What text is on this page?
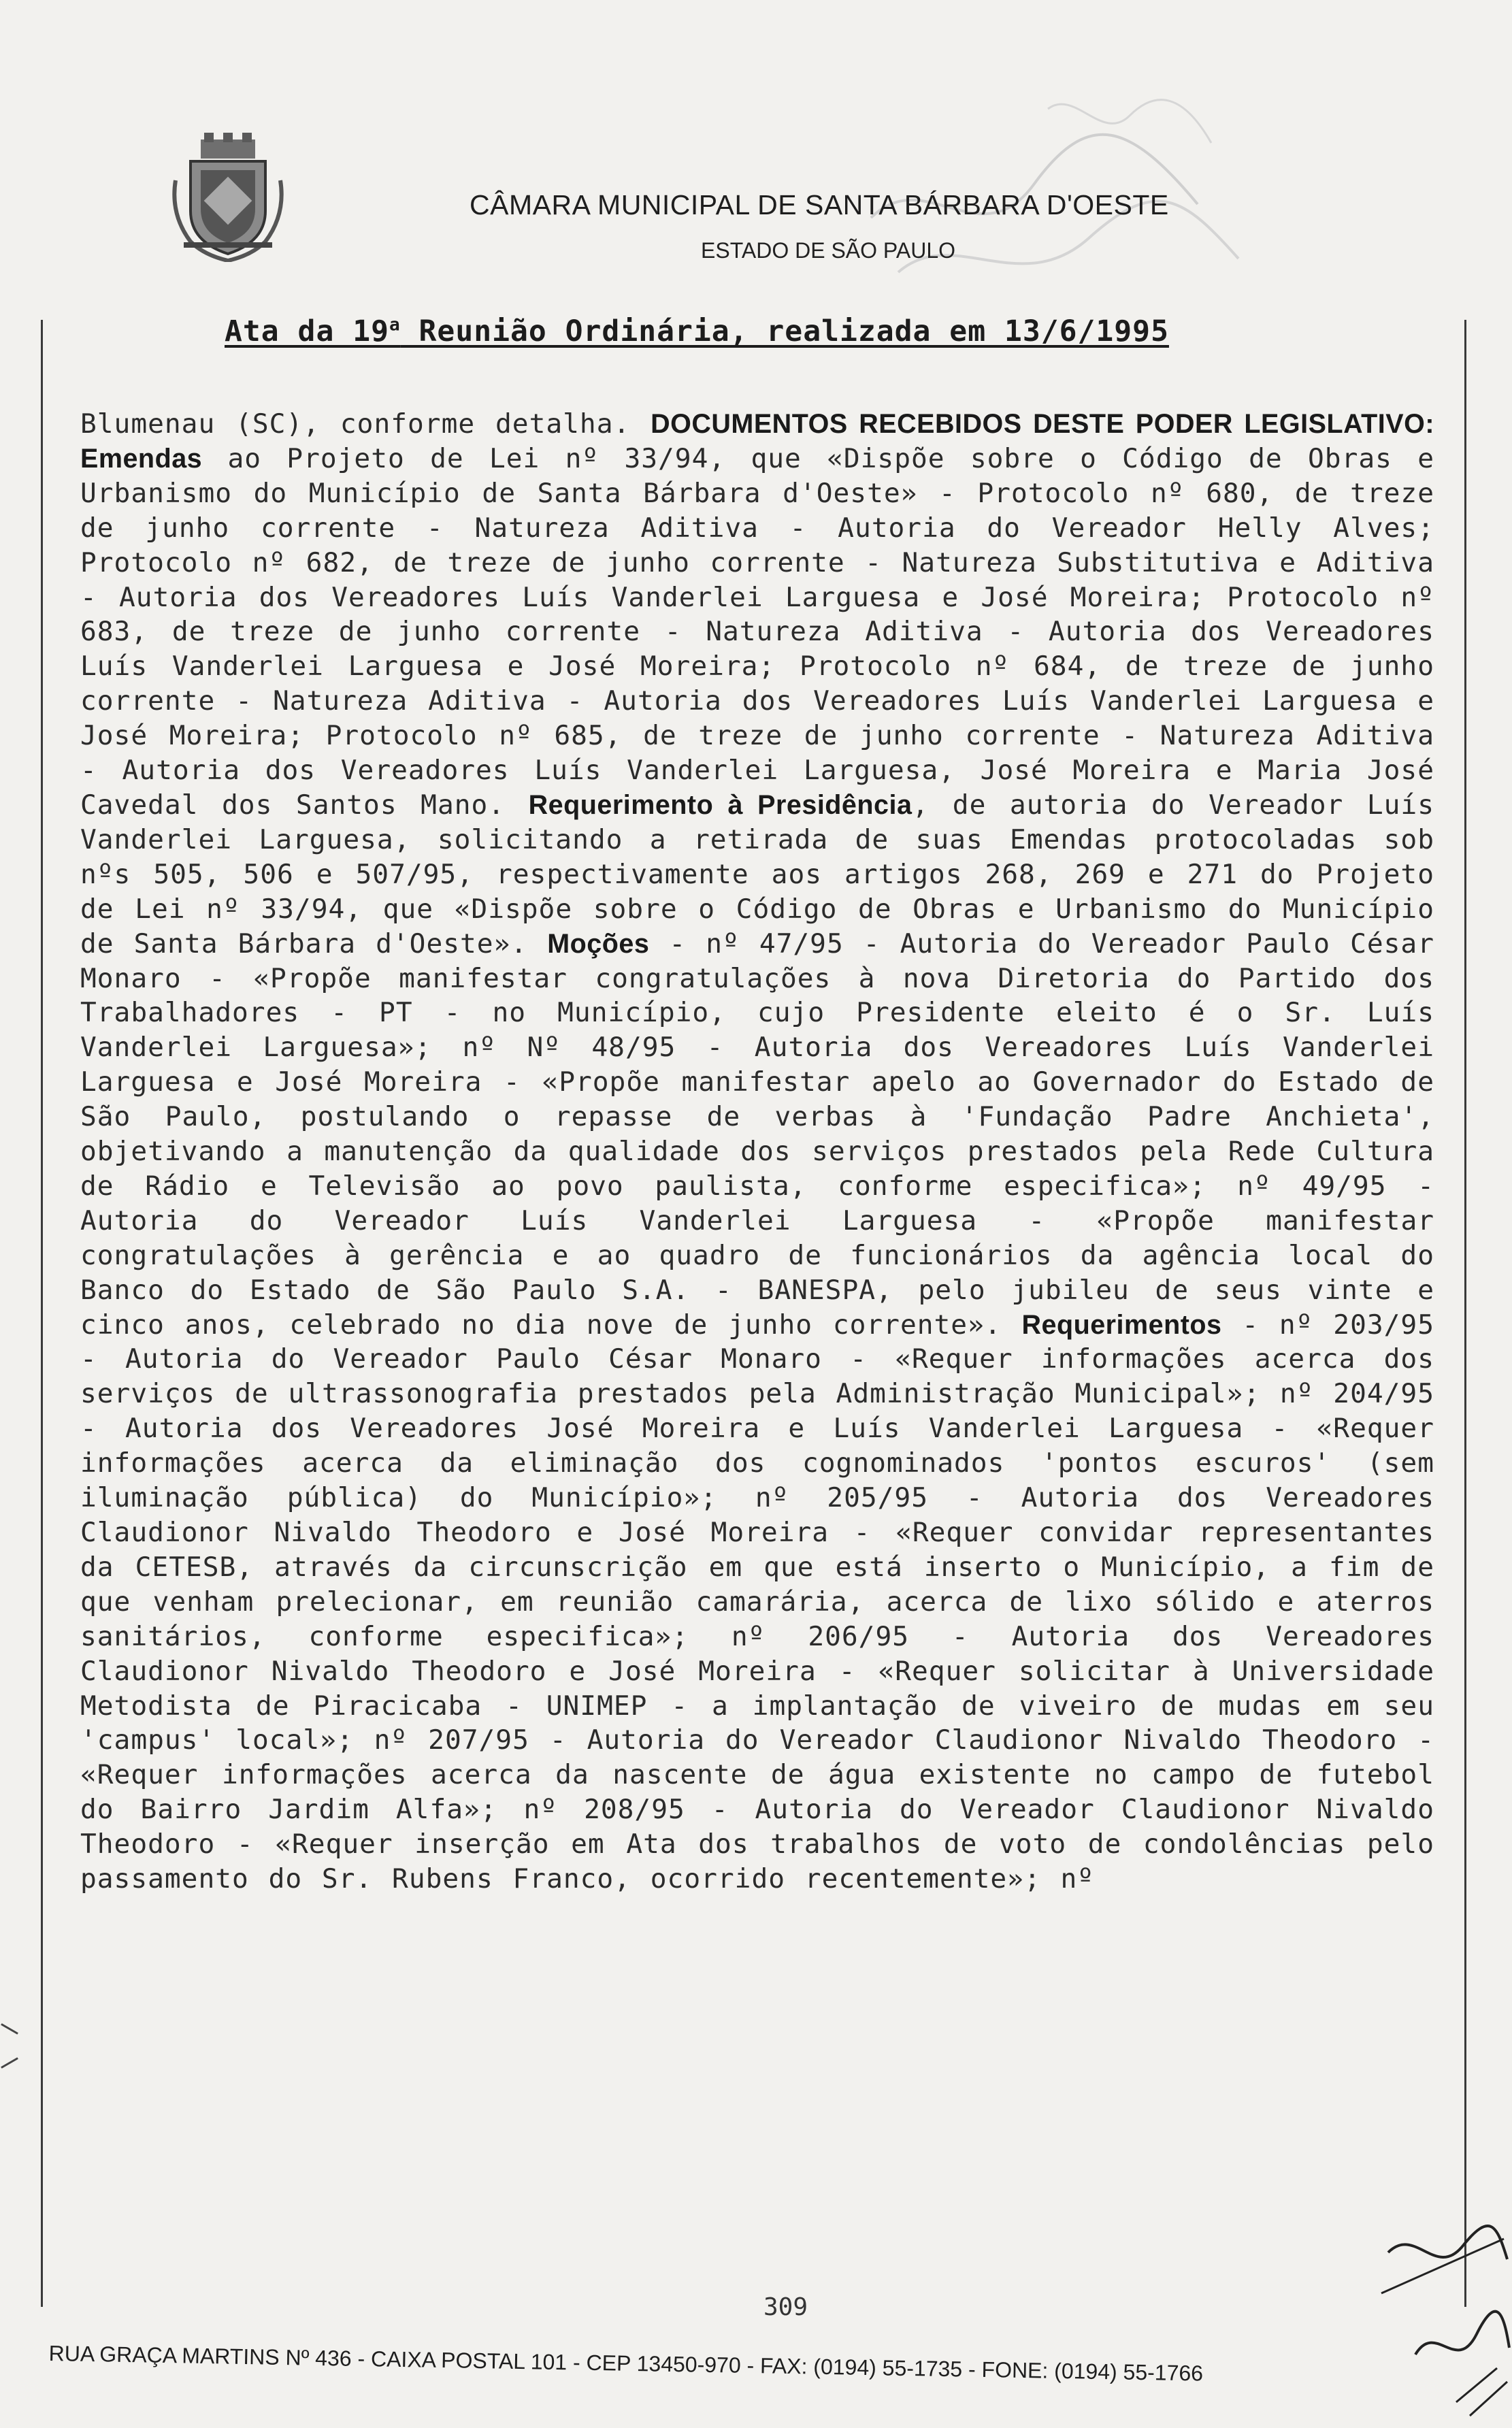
CÂMARA MUNICIPAL DE SANTA BÁRBARA D'OESTE
ESTADO DE SÃO PAULO
Ata da 19$^a$ Reunião Ordinária, realizada em 13/6/1995
Blumenau (SC), conforme detalha. DOCUMENTOS RECEBIDOS DESTE PODER LEGISLATIVO: Emendas ao Projeto de Lei nº 33/94, que «Dispõe sobre o Código de Obras e Urbanismo do Município de Santa Bárbara d'Oeste» - Protocolo nº 680, de treze de junho corrente - Natureza Aditiva - Autoria do Vereador Helly Alves; Protocolo nº 682, de treze de junho corrente - Natureza Substitutiva e Aditiva - Autoria dos Vereadores Luís Vanderlei Larguesa e José Moreira; Protocolo nº 683, de treze de junho corrente - Natureza Aditiva - Autoria dos Vereadores Luís Vanderlei Larguesa e José Moreira; Protocolo nº 684, de treze de junho corrente - Natureza Aditiva - Autoria dos Vereadores Luís Vanderlei Larguesa e José Moreira; Protocolo nº 685, de treze de junho corrente - Natureza Aditiva - Autoria dos Vereadores Luís Vanderlei Larguesa, José Moreira e Maria José Cavedal dos Santos Mano. Requerimento à Presidência, de autoria do Vereador Luís Vanderlei Larguesa, solicitando a retirada de suas Emendas protocoladas sob nºs 505, 506 e 507/95, respectivamente aos artigos 268, 269 e 271 do Projeto de Lei nº 33/94, que «Dispõe sobre o Código de Obras e Urbanismo do Município de Santa Bárbara d'Oeste». Moções - nº 47/95 - Autoria do Vereador Paulo César Monaro - «Propõe manifestar congratulações à nova Diretoria do Partido dos Trabalhadores - PT - no Município, cujo Presidente eleito é o Sr. Luís Vanderlei Larguesa»; nº Nº 48/95 - Autoria dos Vereadores Luís Vanderlei Larguesa e José Moreira - «Propõe manifestar apelo ao Governador do Estado de São Paulo, postulando o repasse de verbas à 'Fundação Padre Anchieta', objetivando a manutenção da qualidade dos serviços prestados pela Rede Cultura de Rádio e Televisão ao povo paulista, conforme especifica»; nº 49/95 - Autoria do Vereador Luís Vanderlei Larguesa - «Propõe manifestar congratulações à gerência e ao quadro de funcionários da agência local do Banco do Estado de São Paulo S.A. - BANESPA, pelo jubileu de seus vinte e cinco anos, celebrado no dia nove de junho corrente». Requerimentos - nº 203/95 - Autoria do Vereador Paulo César Monaro - «Requer informações acerca dos serviços de ultrassonografia prestados pela Administração Municipal»; nº 204/95 - Autoria dos Vereadores José Moreira e Luís Vanderlei Larguesa - «Requer informações acerca da eliminação dos cognominados 'pontos escuros' (sem iluminação pública) do Município»; nº 205/95 - Autoria dos Vereadores Claudionor Nivaldo Theodoro e José Moreira - «Requer convidar representantes da CETESB, através da circunscrição em que está inserto o Município, a fim de que venham prelecionar, em reunião camarária, acerca de lixo sólido e aterros sanitários, conforme especifica»; nº 206/95 - Autoria dos Vereadores Claudionor Nivaldo Theodoro e José Moreira - «Requer solicitar à Universidade Metodista de Piracicaba - UNIMEP - a implantação de viveiro de mudas em seu 'campus' local»; nº 207/95 - Autoria do Vereador Claudionor Nivaldo Theodoro - «Requer informações acerca da nascente de água existente no campo de futebol do Bairro Jardim Alfa»; nº 208/95 - Autoria do Vereador Claudionor Nivaldo Theodoro - «Requer inserção em Ata dos trabalhos de voto de condolências pelo passamento do Sr. Rubens Franco, ocorrido recentemente»; nº
309
RUA GRAÇA MARTINS Nº 436 - CAIXA POSTAL 101 - CEP 13450-970 - FAX: (0194) 55-1735 - FONE: (0194) 55-1766
